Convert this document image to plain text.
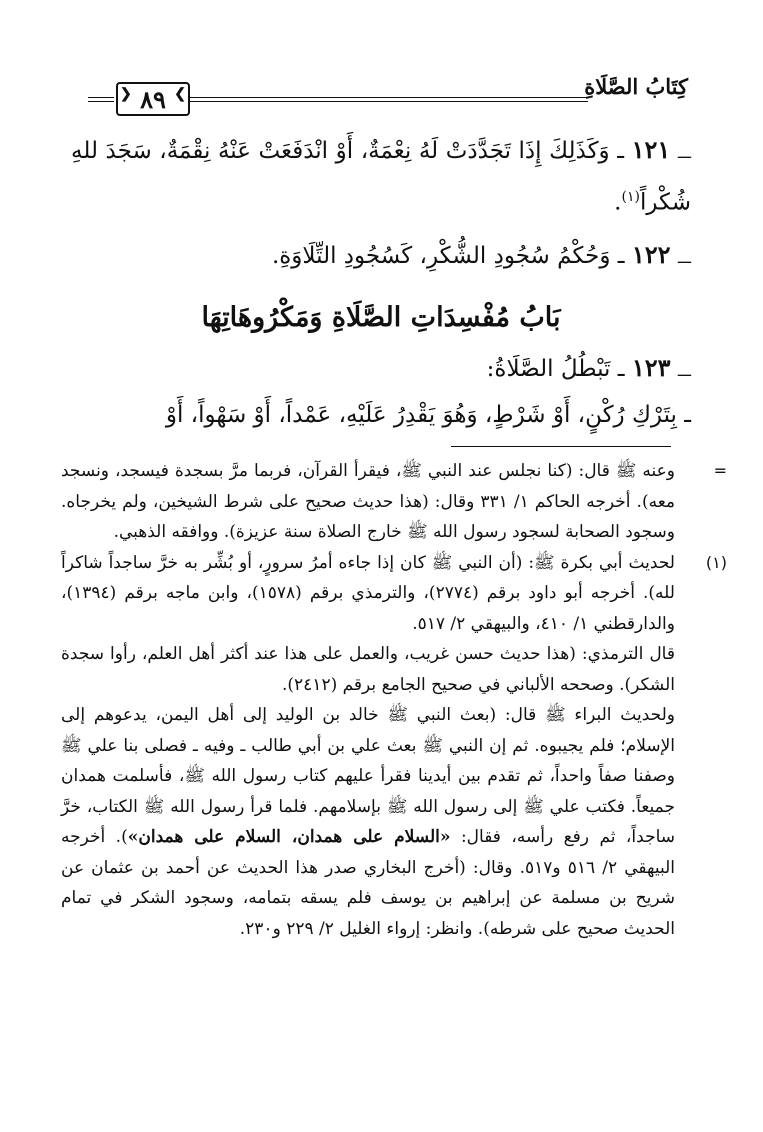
كِتَابُ الصَّلَاةِ
❯
٨٩
❮

ـــ ١٢١ ـ وَكَذَلِكَ إِذَا تَجَدَّدَتْ لَهُ نِعْمَةٌ، أَوْ انْدَفَعَتْ عَنْهُ نِقْمَةٌ، سَجَدَ للهِ شُكْراً$^{(١)}$.

ـــ ١٢٢ ـ وَحُكْمُ سُجُودِ الشُّكْرِ، كَسُجُودِ التِّلَاوَةِ.

بَابُ مُفْسِدَاتِ الصَّلَاةِ وَمَكْرُوهَاتِهَا

ـــ ١٢٣ ـ تَبْطُلُ الصَّلَاةُ:
ـ بِتَرْكِ رُكْنٍ، أَوْ شَرْطٍ، وَهُوَ يَقْدِرُ عَلَيْهِ، عَمْداً، أَوْ سَهْواً، أَوْ

=

وعنه ﷺ قال: (كنا نجلس عند النبي ﷺ، فيقرأ القرآن، فربما مرَّ بسجدة فيسجد، ونسجد معه). أخرجه الحاكم ١/ ٣٣١ وقال: (هذا حديث صحيح على شرط الشيخين، ولم يخرجاه. وسجود الصحابة لسجود رسول الله ﷺ خارج الصلاة سنة عزيزة). ووافقه الذهبي.

(١)

لحديث أبي بكرة ﷺ: (أن النبي ﷺ كان إذا جاءه أمرُ سرورٍ، أو بُشِّر به خرَّ ساجداً شاكراً لله). أخرجه أبو داود برقم (٢٧٧٤)، والترمذي برقم (١٥٧٨)، وابن ماجه برقم (١٣٩٤)، والدارقطني ١/ ٤١٠، والبيهقي ٢/ ٥١٧.

قال الترمذي: (هذا حديث حسن غريب، والعمل على هذا عند أكثر أهل العلم، رأوا سجدة الشكر). وصححه الألباني في صحيح الجامع برقم (٢٤١٢).

ولحديث البراء ﷺ قال: (بعث النبي ﷺ خالد بن الوليد إلى أهل اليمن، يدعوهم إلى الإسلام؛ فلم يجيبوه. ثم إن النبي ﷺ بعث علي بن أبي طالب ـ وفيه ـ فصلى بنا علي ﷺ وصفنا صفاً واحداً، ثم تقدم بين أيدينا فقرأ عليهم كتاب رسول الله ﷺ، فأسلمت همدان جميعاً. فكتب علي ﷺ إلى رسول الله ﷺ بإسلامهم. فلما قرأ رسول الله ﷺ الكتاب، خرَّ ساجداً، ثم رفع رأسه، فقال: «السلام على همدان، السلام على همدان»). أخرجه البيهقي ٢/ ٥١٦ و٥١٧. وقال: (أخرج البخاري صدر هذا الحديث عن أحمد بن عثمان عن شريح بن مسلمة عن إبراهيم بن يوسف فلم يسقه بتمامه، وسجود الشكر في تمام الحديث صحيح على شرطه). وانظر: إرواء الغليل ٢/ ٢٢٩ و٢٣٠.
